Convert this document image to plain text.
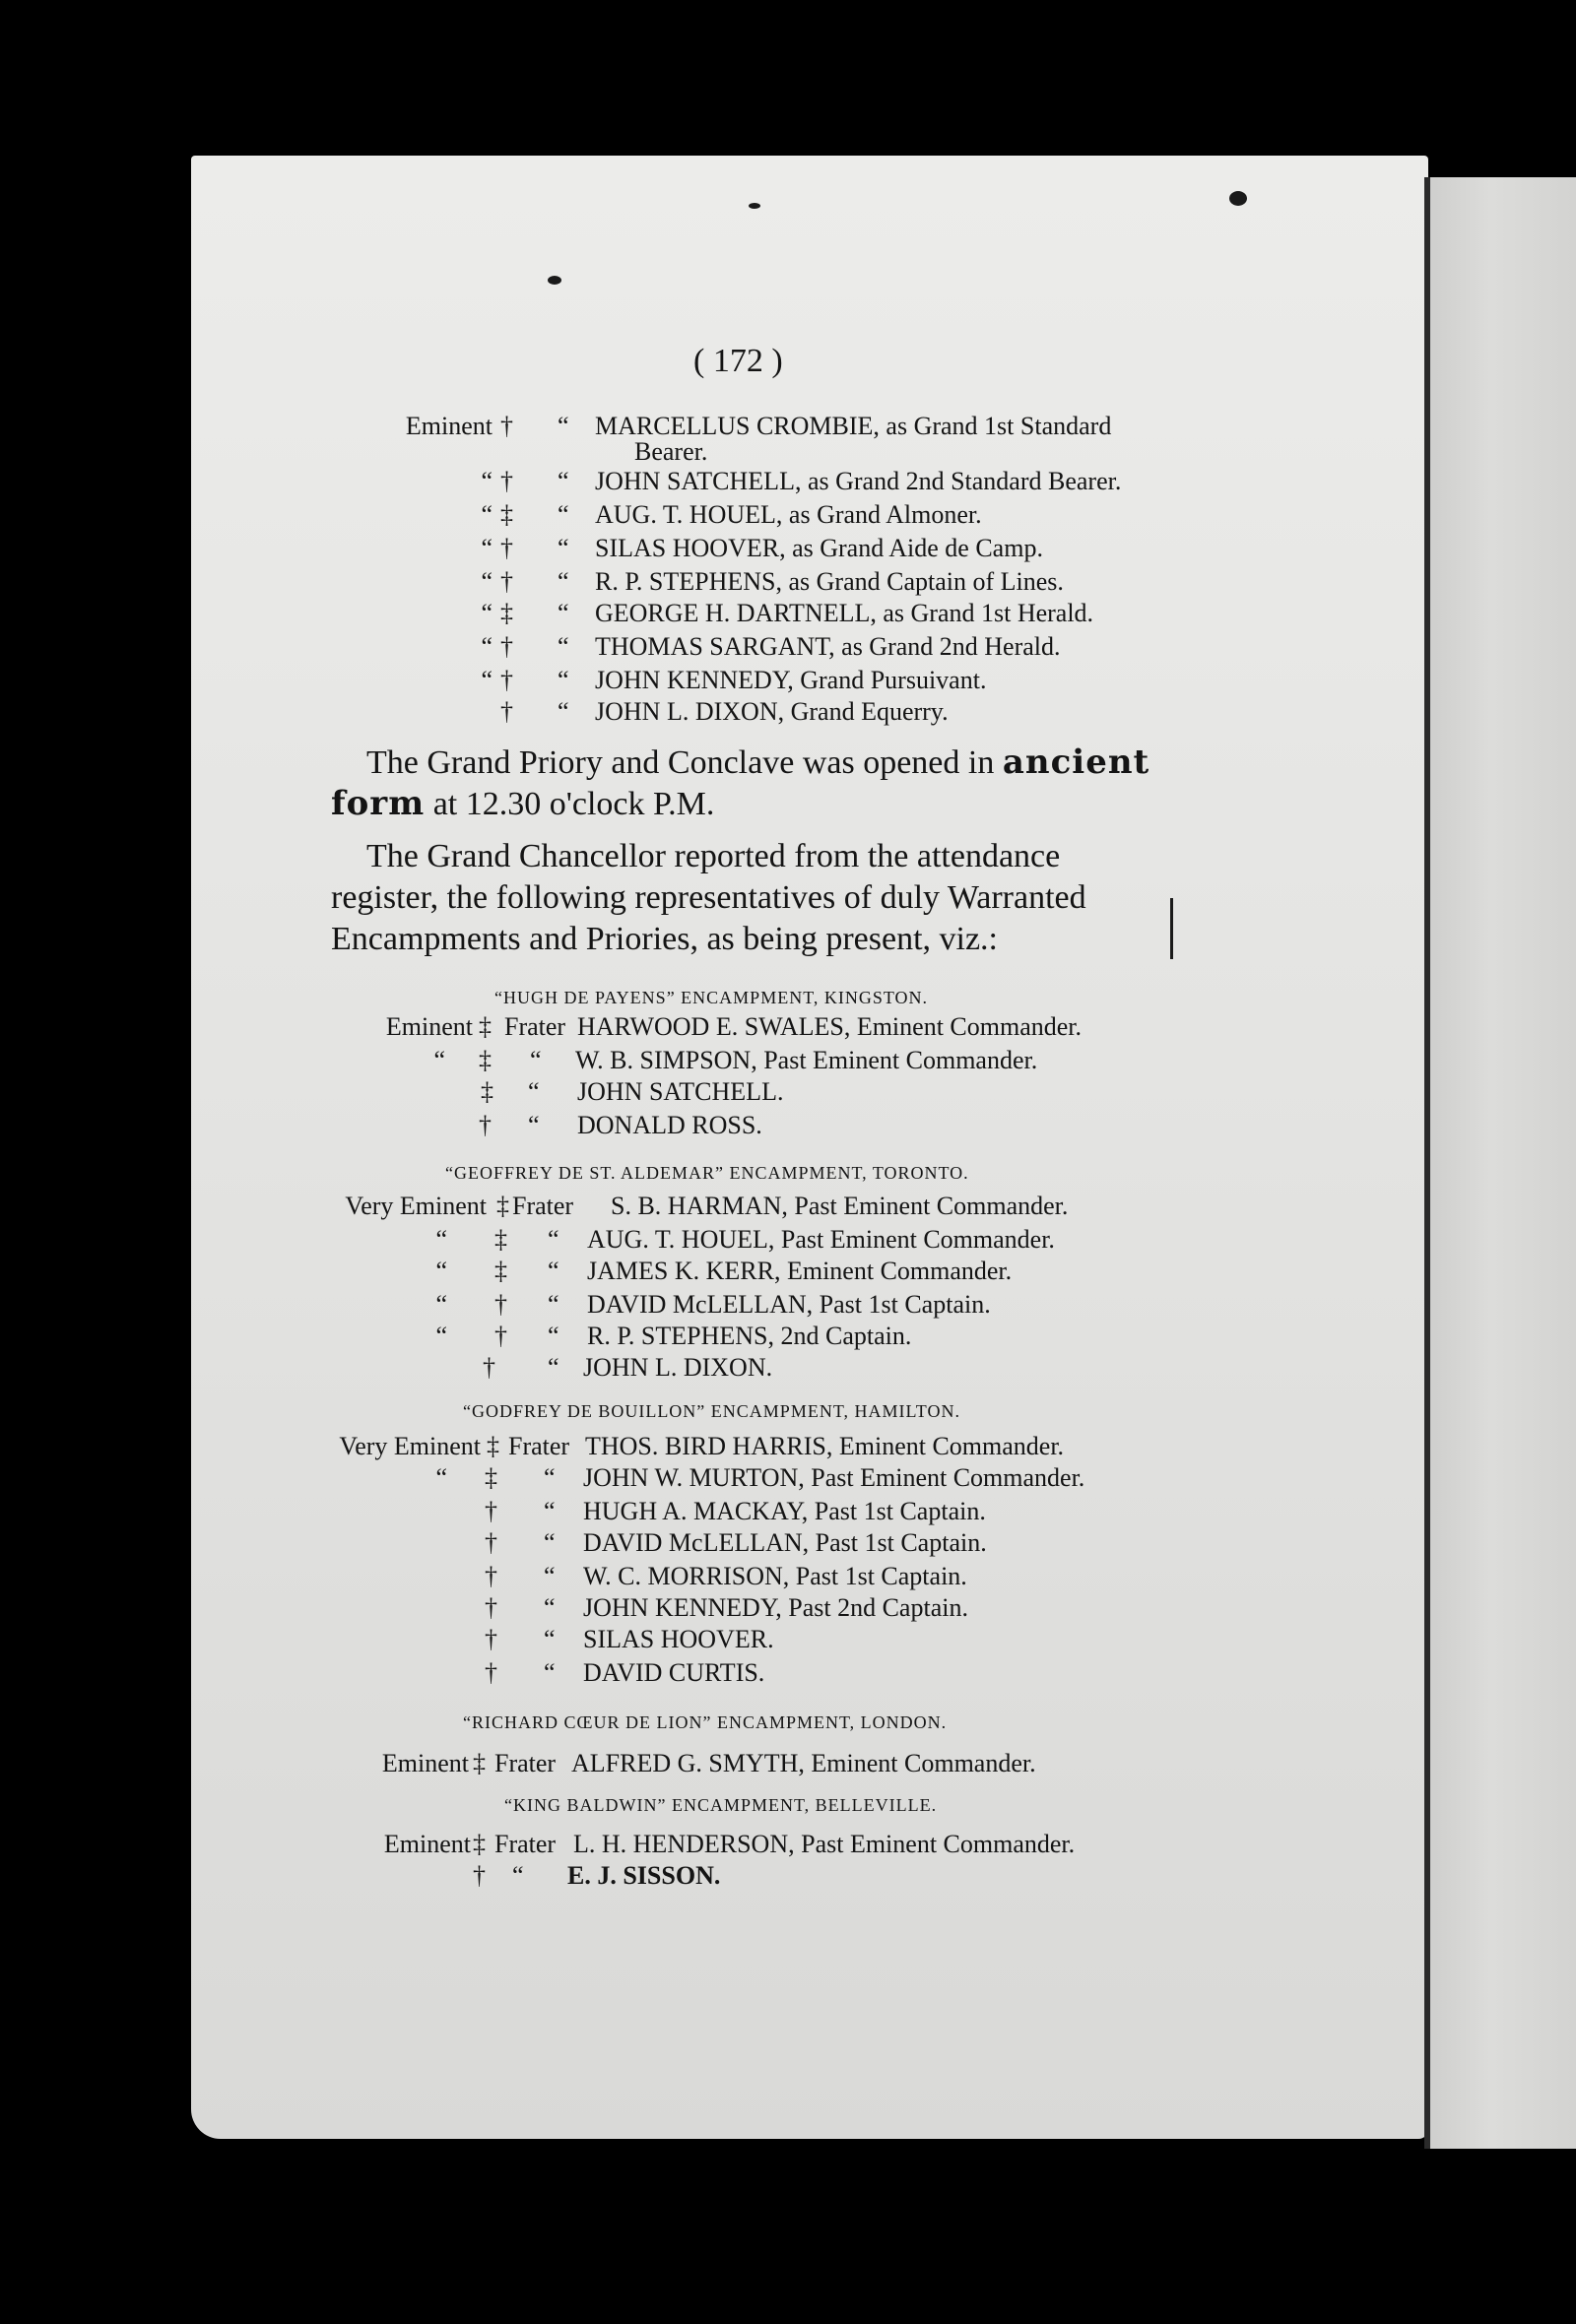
( 172 )
Eminent † “ MARCELLUS CROMBIE, as Grand 1st Standard
Bearer.
“ † “ JOHN SATCHELL, as Grand 2nd Standard Bearer.
“ ‡ “ AUG. T. HOUEL, as Grand Almoner.
“ † “ SILAS HOOVER, as Grand Aide de Camp.
“ † “ R. P. STEPHENS, as Grand Captain of Lines.
“ ‡ “ GEORGE H. DARTNELL, as Grand 1st Herald.
“ † “ THOMAS SARGANT, as Grand 2nd Herald.
“ † “ JOHN KENNEDY, Grand Pursuivant.
† “ JOHN L. DIXON, Grand Equerry.
The Grand Priory and Conclave was opened in ancient
form at 12.30 o'clock P.M.
The Grand Chancellor reported from the attendance
register, the following representatives of duly Warranted
Encampments and Priories, as being present, viz.:
“HUGH DE PAYENS” ENCAMPMENT, KINGSTON.
Eminent ‡ Frater HARWOOD E. SWALES, Eminent Commander.
“ ‡ “ W. B. SIMPSON, Past Eminent Commander.
‡ “ JOHN SATCHELL.
† “ DONALD ROSS.
“GEOFFREY DE ST. ALDEMAR” ENCAMPMENT, TORONTO.
Very Eminent ‡ Frater S. B. HARMAN, Past Eminent Commander.
“ ‡ “ AUG. T. HOUEL, Past Eminent Commander.
“ ‡ “ JAMES K. KERR, Eminent Commander.
“ † “ DAVID McLELLAN, Past 1st Captain.
“ † “ R. P. STEPHENS, 2nd Captain.
† “ JOHN L. DIXON.
“GODFREY DE BOUILLON” ENCAMPMENT, HAMILTON.
Very Eminent ‡ Frater THOS. BIRD HARRIS, Eminent Commander.
“ ‡ “ JOHN W. MURTON, Past Eminent Commander.
† “ HUGH A. MACKAY, Past 1st Captain.
† “ DAVID McLELLAN, Past 1st Captain.
† “ W. C. MORRISON, Past 1st Captain.
† “ JOHN KENNEDY, Past 2nd Captain.
† “ SILAS HOOVER.
† “ DAVID CURTIS.
“RICHARD CŒUR DE LION” ENCAMPMENT, LONDON.
Eminent ‡ Frater ALFRED G. SMYTH, Eminent Commander.
“KING BALDWIN” ENCAMPMENT, BELLEVILLE.
Eminent ‡ Frater L. H. HENDERSON, Past Eminent Commander.
† “ E. J. SISSON.
